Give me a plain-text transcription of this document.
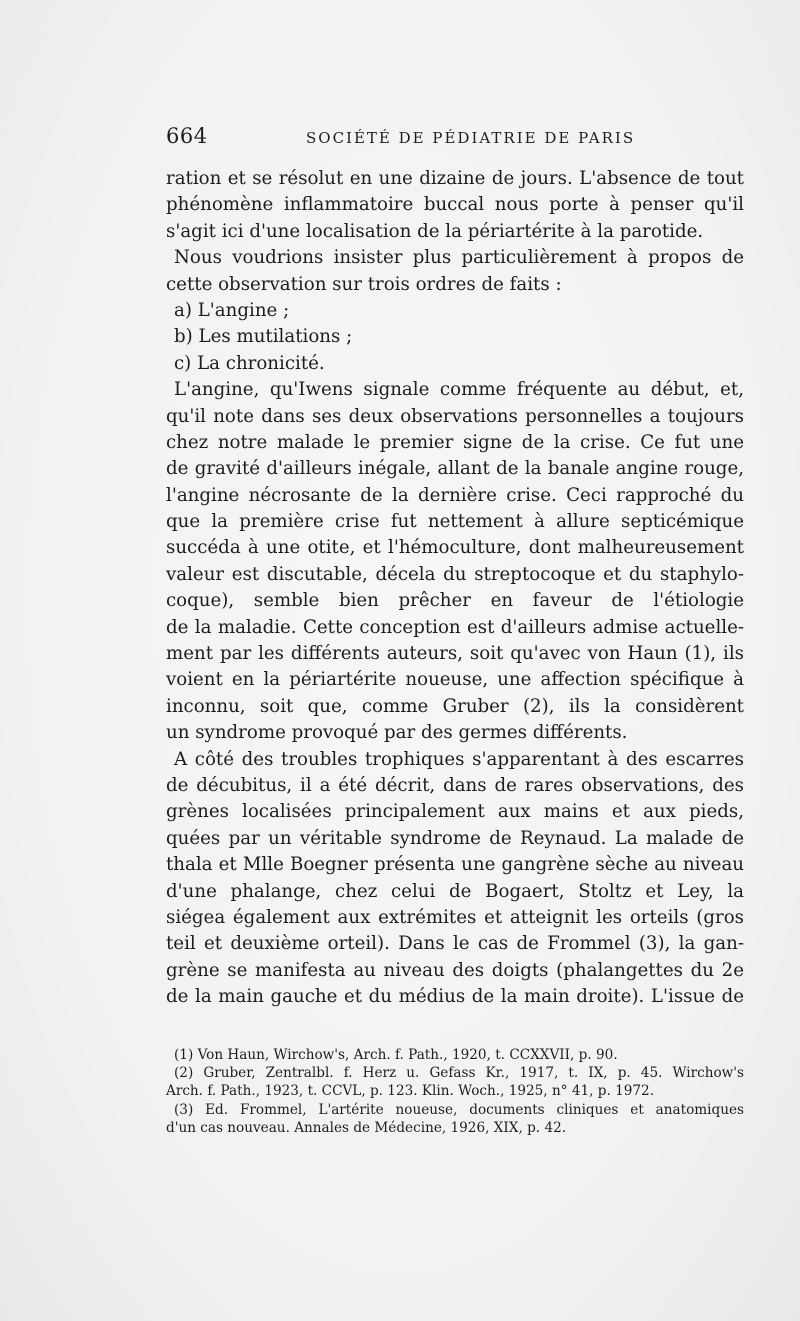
664	SOCIÉTÉ DE PÉDIATRIE DE PARIS
ration et se résolut en une dizaine de jours. L'absence de tout
phénomène inflammatoire buccal nous porte à penser qu'il
s'agit ici d'une localisation de la périartérite à la parotide.
Nous voudrions insister plus particulièrement à propos de
cette observation sur trois ordres de faits :
a) L'angine ;
b) Les mutilations ;
c) La chronicité.
L'angine, qu'Iwens signale comme fréquente au début, et,
qu'il note dans ses deux observations personnelles a toujours
chez notre malade le premier signe de la crise. Ce fut une
de gravité d'ailleurs inégale, allant de la banale angine rouge,
l'angine nécrosante de la dernière crise. Ceci rapproché du
que la première crise fut nettement à allure septicémique
succéda à une otite, et l'hémoculture, dont malheureusement
valeur est discutable, décela du streptocoque et du staphylo-
coque), semble bien prêcher en faveur de l'étiologie
de la maladie. Cette conception est d'ailleurs admise actuelle-
ment par les différents auteurs, soit qu'avec von Haun (1), ils
voient en la périartérite noueuse, une affection spécifique à
inconnu, soit que, comme Gruber (2), ils la considèrent
un syndrome provoqué par des germes différents.
A côté des troubles trophiques s'apparentant à des escarres
de décubitus, il a été décrit, dans de rares observations, des
grènes localisées principalement aux mains et aux pieds,
quées par un véritable syndrome de Reynaud. La malade de
thala et Mlle Boegner présenta une gangrène sèche au niveau
d'une phalange, chez celui de Bogaert, Stoltz et Ley, la
siégea également aux extrémites et atteignit les orteils (gros
teil et deuxième orteil). Dans le cas de Frommel (3), la gan-
grène se manifesta au niveau des doigts (phalangettes du 2e
de la main gauche et du médius de la main droite). L'issue de
(1) Von Haun, Wirchow's, Arch. f. Path., 1920, t. CCXXVII, p. 90.
(2) Gruber, Zentralbl. f. Herz u. Gefass Kr., 1917, t. IX, p. 45. Wirchow's
Arch. f. Path., 1923, t. CCVL, p. 123. Klin. Woch., 1925, n° 41, p. 1972.
(3) Ed. Frommel, L'artérite noueuse, documents cliniques et anatomiques
d'un cas nouveau. Annales de Médecine, 1926, XIX, p. 42.
